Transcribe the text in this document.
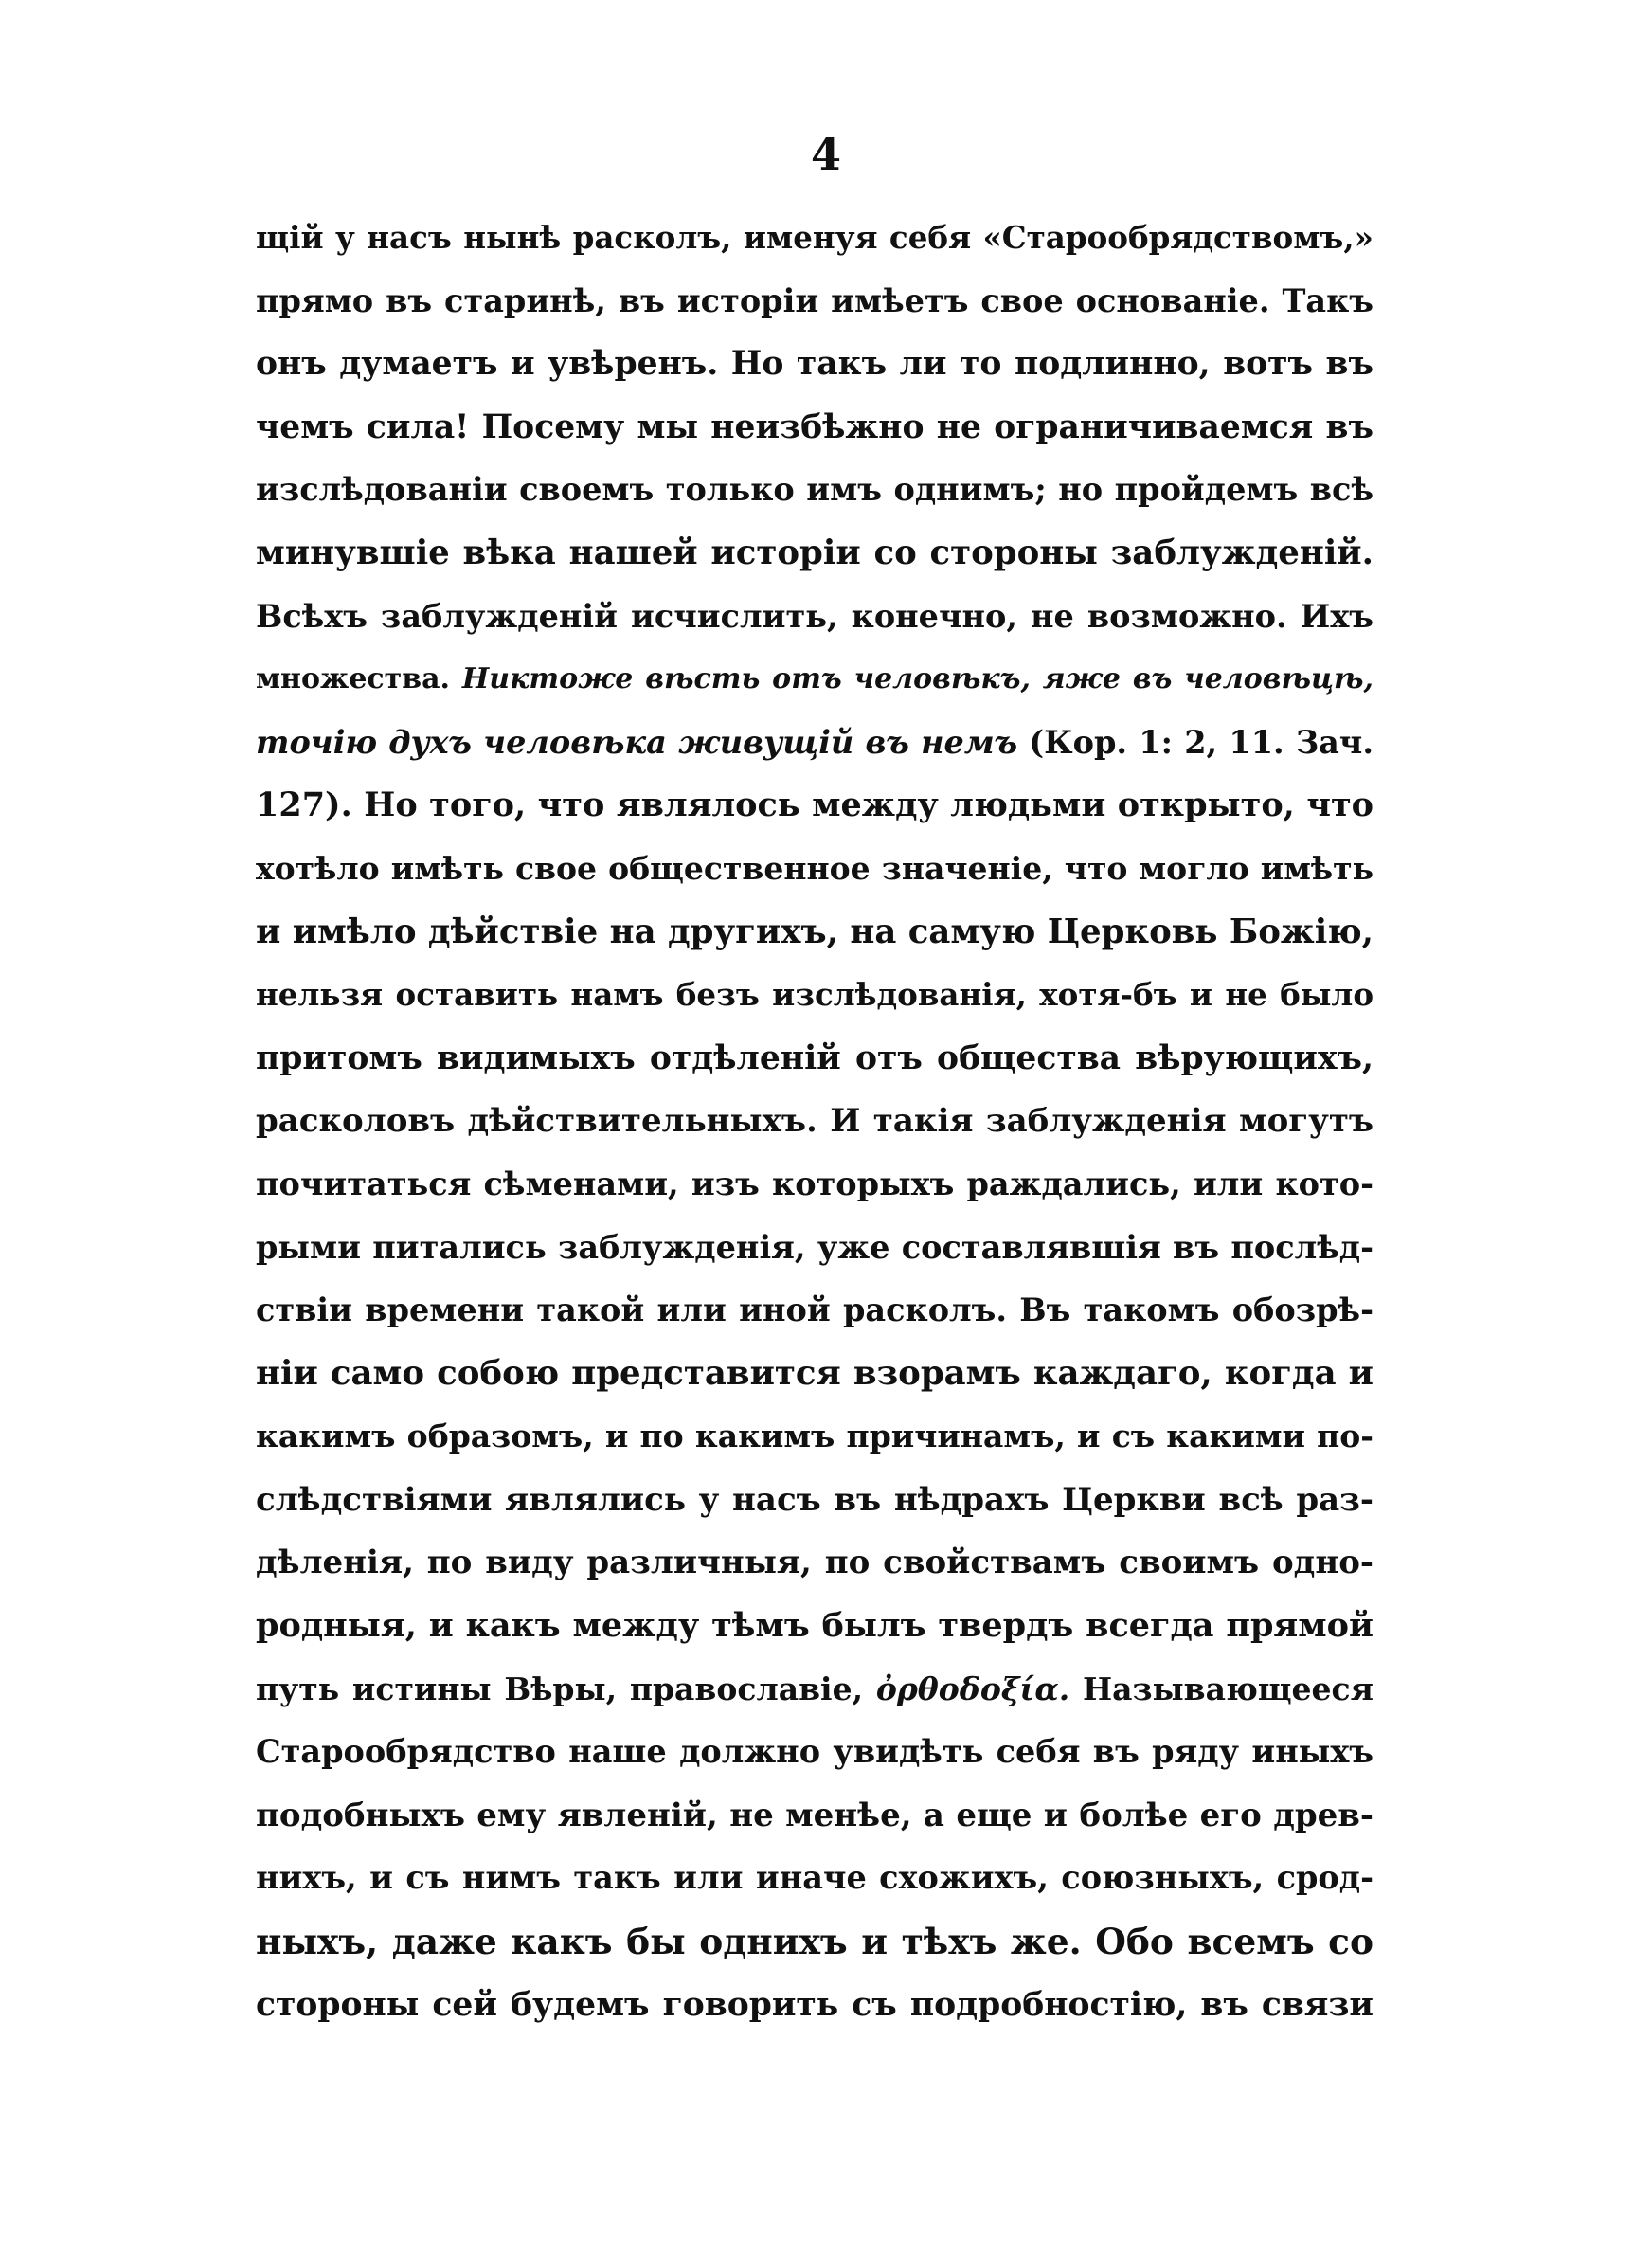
4
щій у насъ нынѣ расколъ, именуя себя «Старообрядствомъ,»
прямо въ старинѣ, въ исторіи имѣетъ свое основаніе. Такъ
онъ думаетъ и увѣренъ. Но такъ ли то подлинно, вотъ въ
чемъ сила! Посему мы неизбѣжно не ограничиваемся въ
изслѣдованіи своемъ только имъ однимъ; но пройдемъ всѣ
минувшіе вѣка нашей исторіи со стороны заблужденій.
Всѣхъ заблужденій исчислить, конечно, не возможно. Ихъ
множества. Никтоже вѣсть отъ человѣкъ, яже въ человѣцѣ,
точію духъ человѣка живущій въ немъ (Кор. 1: 2, 11. Зач.
127). Но того, что являлось между людьми открыто, что
хотѣло имѣть свое общественное значеніе, что могло имѣть
и имѣло дѣйствіе на другихъ, на самую Церковь Божію,
нельзя оставить намъ безъ изслѣдованія, хотя-бъ и не было
притомъ видимыхъ отдѣленій отъ общества вѣрующихъ,
расколовъ дѣйствительныхъ. И такія заблужденія могутъ
почитаться сѣменами, изъ которыхъ раждались, или кото-
рыми питались заблужденія, уже составлявшія въ послѣд-
ствіи времени такой или иной расколъ. Въ такомъ обозрѣ-
ніи само собою представится взорамъ каждаго, когда и
какимъ образомъ, и по какимъ причинамъ, и съ какими по-
слѣдствіями являлись у насъ въ нѣдрахъ Церкви всѣ раз-
дѣленія, по виду различныя, по свойствамъ своимъ одно-
родныя, и какъ между тѣмъ былъ твердъ всегда прямой
путь истины Вѣры, православіе, ὀρθοδοξία. Называющееся
Старообрядство наше должно увидѣть себя въ ряду иныхъ
подобныхъ ему явленій, не менѣе, а еще и болѣе его древ-
нихъ, и съ нимъ такъ или иначе схожихъ, союзныхъ, срод-
ныхъ, даже какъ бы однихъ и тѣхъ же. Обо всемъ со
стороны сей будемъ говорить съ подробностію, въ связи
